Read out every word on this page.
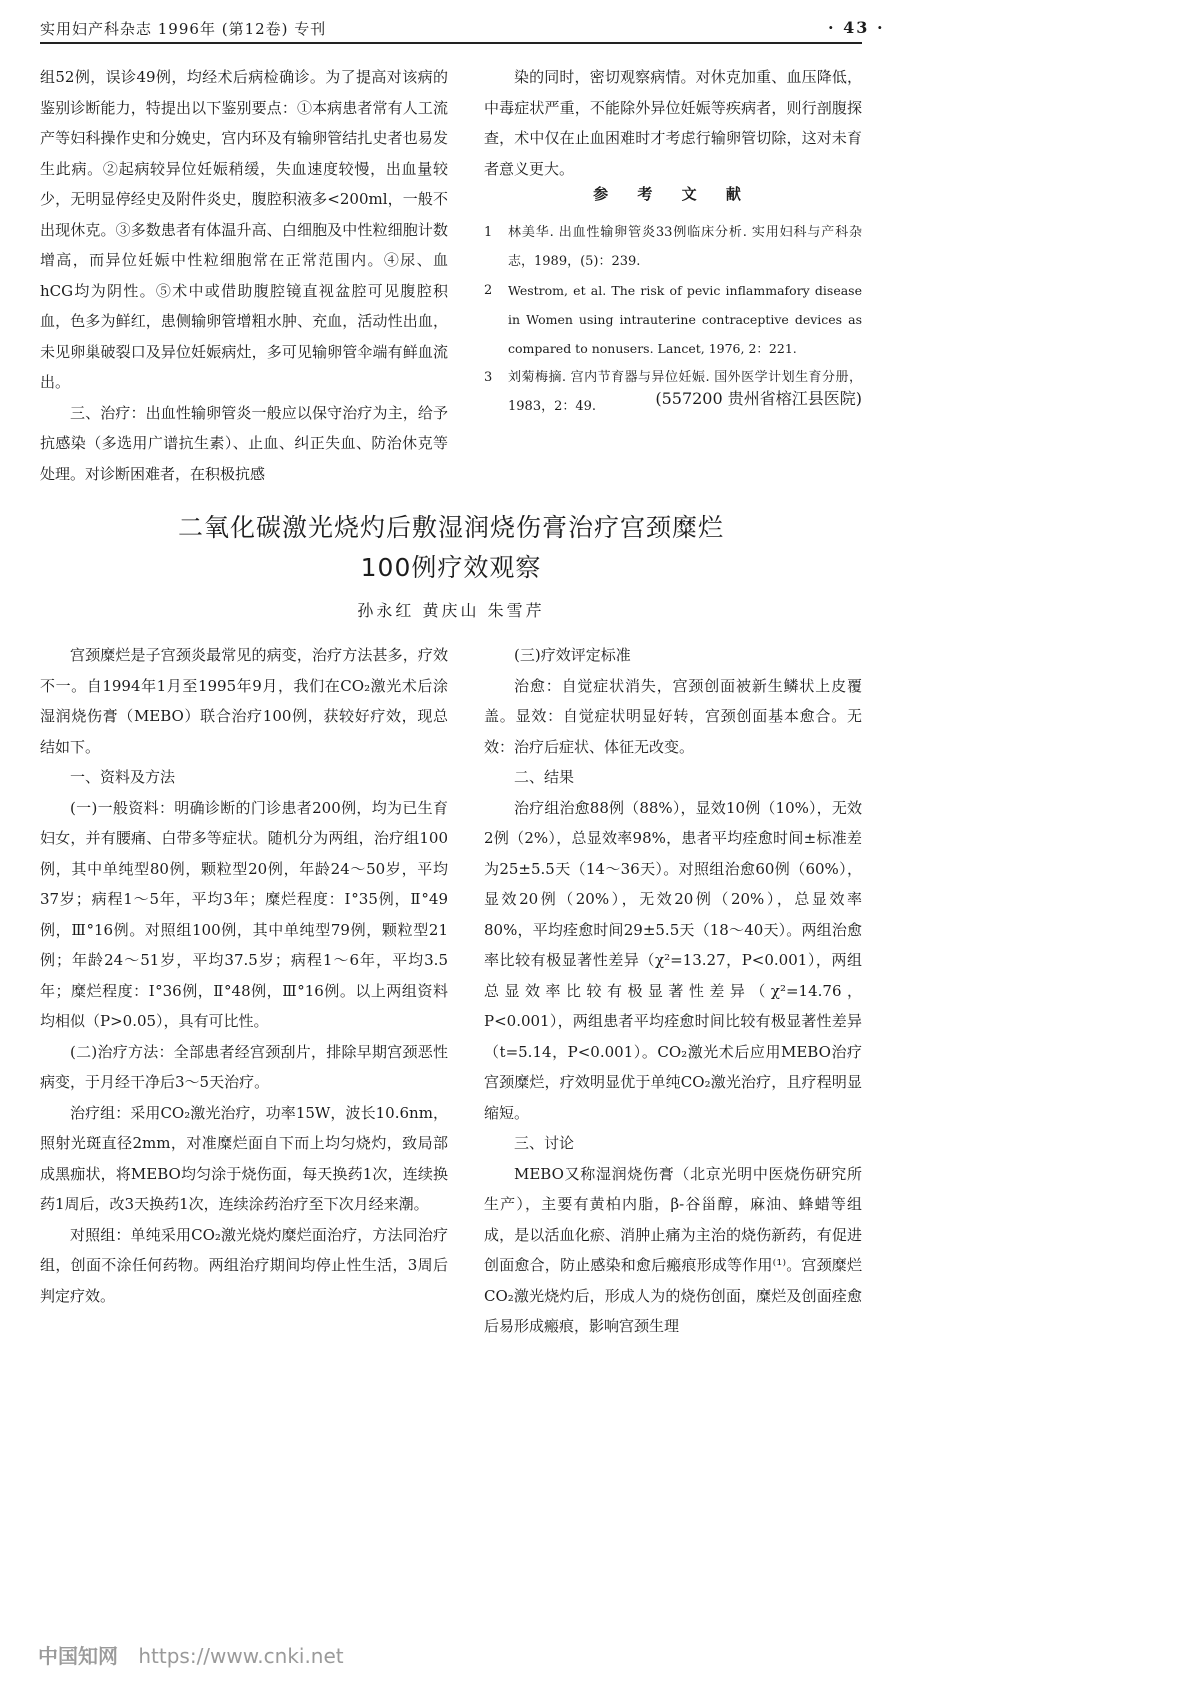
实用妇产科杂志 1996年 (第12卷) 专刊	· 43 ·

组52例，误诊49例，均经术后病检确诊。为了提高对该病的鉴别诊断能力，特提出以下鉴别要点：①本病患者常有人工流产等妇科操作史和分娩史，宫内环及有输卵管结扎史者也易发生此病。②起病较异位妊娠稍缓，失血速度较慢，出血量较少，无明显停经史及附件炎史，腹腔积液多<200ml，一般不出现休克。③多数患者有体温升高、白细胞及中性粒细胞计数增高，而异位妊娠中性粒细胞常在正常范围内。④尿、血hCG均为阴性。⑤术中或借助腹腔镜直视盆腔可见腹腔积血，色多为鲜红，患侧输卵管增粗水肿、充血，活动性出血，未见卵巢破裂口及异位妊娠病灶，多可见输卵管伞端有鲜血流出。

三、治疗：出血性输卵管炎一般应以保守治疗为主，给予抗感染（多选用广谱抗生素）、止血、纠正失血、防治休克等处理。对诊断困难者，在积极抗感

染的同时，密切观察病情。对休克加重、血压降低，中毒症状严重，不能除外异位妊娠等疾病者，则行剖腹探查，术中仅在止血困难时才考虑行输卵管切除，这对未育者意义更大。

参 考 文 献
1	林美华. 出血性输卵管炎33例临床分析. 实用妇科与产科杂志，1989，(5)：239.
2	Westrom, et al. The risk of pevic inflammafory disease in Women using intrauterine contraceptive devices as compared to nonusers. Lancet, 1976, 2：221.
3	刘菊梅摘. 宫内节育器与异位妊娠. 国外医学计划生育分册，1983，2：49.	(557200 贵州省榕江县医院)
二氧化碳激光烧灼后敷湿润烧伤膏治疗宫颈糜烂
100例疗效观察
孙永红 黄庆山 朱雪芹

宫颈糜烂是子宫颈炎最常见的病变，治疗方法甚多，疗效不一。自1994年1月至1995年9月，我们在CO₂激光术后涂湿润烧伤膏（MEBO）联合治疗100例，获较好疗效，现总结如下。

一、资料及方法

(一)一般资料：明确诊断的门诊患者200例，均为已生育妇女，并有腰痛、白带多等症状。随机分为两组，治疗组100例，其中单纯型80例，颗粒型20例，年龄24～50岁，平均37岁；病程1～5年，平均3年；糜烂程度：Ⅰ°35例，Ⅱ°49例，Ⅲ°16例。对照组100例，其中单纯型79例，颗粒型21例；年龄24～51岁，平均37.5岁；病程1～6年，平均3.5年；糜烂程度：Ⅰ°36例，Ⅱ°48例，Ⅲ°16例。以上两组资料均相似（P>0.05），具有可比性。

(二)治疗方法：全部患者经宫颈刮片，排除早期宫颈恶性病变，于月经干净后3～5天治疗。

治疗组：采用CO₂激光治疗，功率15W，波长10.6nm，照射光斑直径2mm，对准糜烂面自下而上均匀烧灼，致局部成黑痂状，将MEBO均匀涂于烧伤面，每天换药1次，连续换药1周后，改3天换药1次，连续涂药治疗至下次月经来潮。

对照组：单纯采用CO₂激光烧灼糜烂面治疗，方法同治疗组，创面不涂任何药物。两组治疗期间均停止性生活，3周后判定疗效。

(三)疗效评定标准

治愈：自觉症状消失，宫颈创面被新生鳞状上皮覆盖。显效：自觉症状明显好转，宫颈创面基本愈合。无效：治疗后症状、体征无改变。

二、结果

治疗组治愈88例（88%），显效10例（10%），无效2例（2%），总显效率98%，患者平均痊愈时间±标准差为25±5.5天（14～36天）。对照组治愈60例（60%），显效20例（20%），无效20例（20%），总显效率80%，平均痊愈时间29±5.5天（18～40天）。两组治愈率比较有极显著性差异（χ²=13.27，P<0.001），两组总显效率比较有极显著性差异（χ²=14.76，P<0.001），两组患者平均痊愈时间比较有极显著性差异（t=5.14，P<0.001）。CO₂激光术后应用MEBO治疗宫颈糜烂，疗效明显优于单纯CO₂激光治疗，且疗程明显缩短。

三、讨论

MEBO又称湿润烧伤膏（北京光明中医烧伤研究所生产），主要有黄柏内脂，β-谷甾醇，麻油、蜂蜡等组成，是以活血化瘀、消肿止痛为主治的烧伤新药，有促进创面愈合，防止感染和愈后瘢痕形成等作用⁽¹⁾。宫颈糜烂CO₂激光烧灼后，形成人为的烧伤创面，糜烂及创面痊愈后易形成瘢痕，影响宫颈生理

中国知网 https://www.cnki.net
